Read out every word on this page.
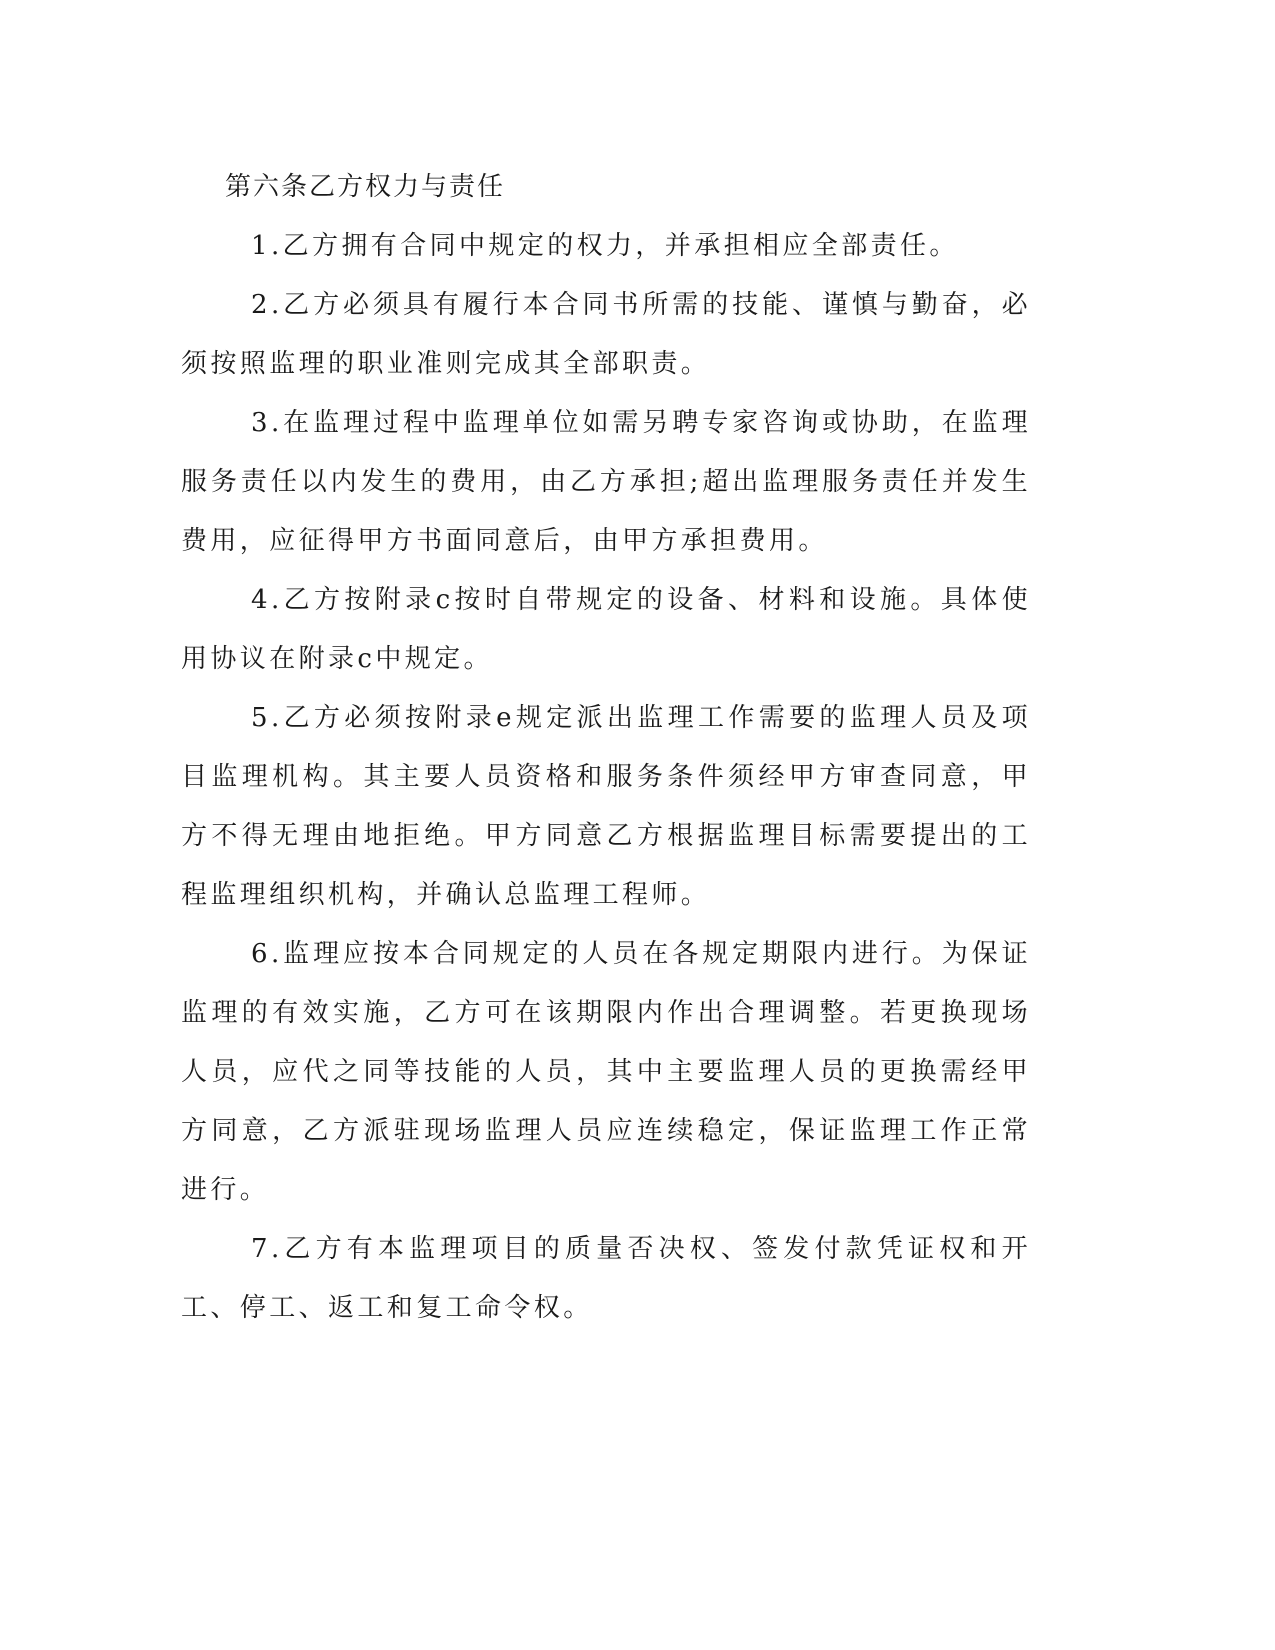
第六条乙方权力与责任

1.乙方拥有合同中规定的权力，并承担相应全部责任。

2.乙方必须具有履行本合同书所需的技能、谨慎与勤奋，必须按照监理的职业准则完成其全部职责。

3.在监理过程中监理单位如需另聘专家咨询或协助，在监理服务责任以内发生的费用，由乙方承担;超出监理服务责任并发生费用，应征得甲方书面同意后，由甲方承担费用。

4.乙方按附录c按时自带规定的设备、材料和设施。具体使用协议在附录c中规定。

5.乙方必须按附录e规定派出监理工作需要的监理人员及项目监理机构。其主要人员资格和服务条件须经甲方审查同意，甲方不得无理由地拒绝。甲方同意乙方根据监理目标需要提出的工程监理组织机构，并确认总监理工程师。

6.监理应按本合同规定的人员在各规定期限内进行。为保证监理的有效实施，乙方可在该期限内作出合理调整。若更换现场人员，应代之同等技能的人员，其中主要监理人员的更换需经甲方同意，乙方派驻现场监理人员应连续稳定，保证监理工作正常进行。

7.乙方有本监理项目的质量否决权、签发付款凭证权和开工、停工、返工和复工命令权。
